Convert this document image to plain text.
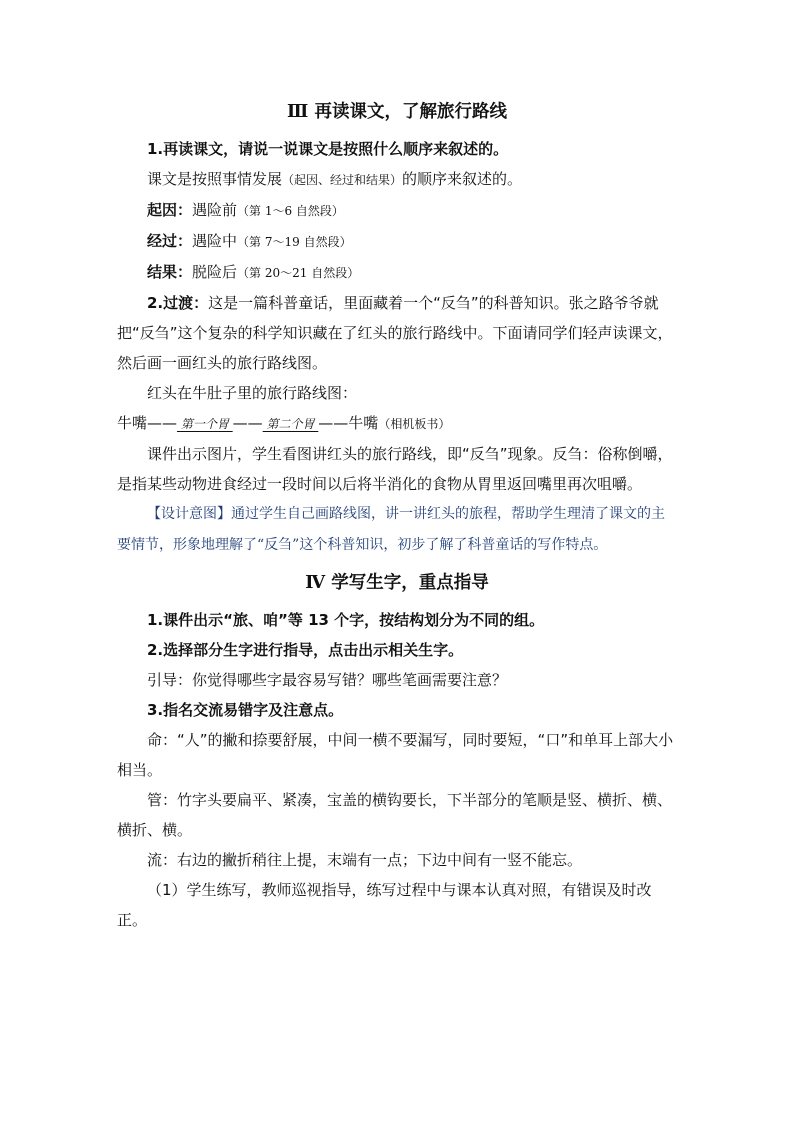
Ⅲ 再读课文，了解旅行路线

1.再读课文，请说一说课文是按照什么顺序来叙述的。

课文是按照事情发展（起因、经过和结果）的顺序来叙述的。

起因：遇险前（第 1～6 自然段）

经过：遇险中（第 7～19 自然段）

结果：脱险后（第 20～21 自然段）

2.过渡：这是一篇科普童话，里面藏着一个“反刍”的科普知识。张之路爷爷就把“反刍”这个复杂的科学知识藏在了红头的旅行路线中。下面请同学们轻声读课文，然后画一画红头的旅行路线图。

红头在牛肚子里的旅行路线图：

牛嘴—— 第一个胃 —— 第二个胃 ——牛嘴（相机板书）

课件出示图片，学生看图讲红头的旅行路线，即“反刍”现象。反刍：俗称倒嚼，是指某些动物进食经过一段时间以后将半消化的食物从胃里返回嘴里再次咀嚼。

【设计意图】通过学生自己画路线图，讲一讲红头的旅程，帮助学生理清了课文的主要情节，形象地理解了“反刍”这个科普知识，初步了解了科普童话的写作特点。

Ⅳ 学写生字，重点指导

1.课件出示“旅、咱”等 13 个字，按结构划分为不同的组。

2.选择部分生字进行指导，点击出示相关生字。

引导：你觉得哪些字最容易写错？哪些笔画需要注意？

3.指名交流易错字及注意点。

命：“人”的撇和捺要舒展，中间一横不要漏写，同时要短，“口”和单耳上部大小相当。

管：竹字头要扁平、紧凑，宝盖的横钩要长，下半部分的笔顺是竖、横折、横、横折、横。

流：右边的撇折稍往上提，末端有一点；下边中间有一竖不能忘。

（1）学生练写，教师巡视指导，练写过程中与课本认真对照，有错误及时改正。
